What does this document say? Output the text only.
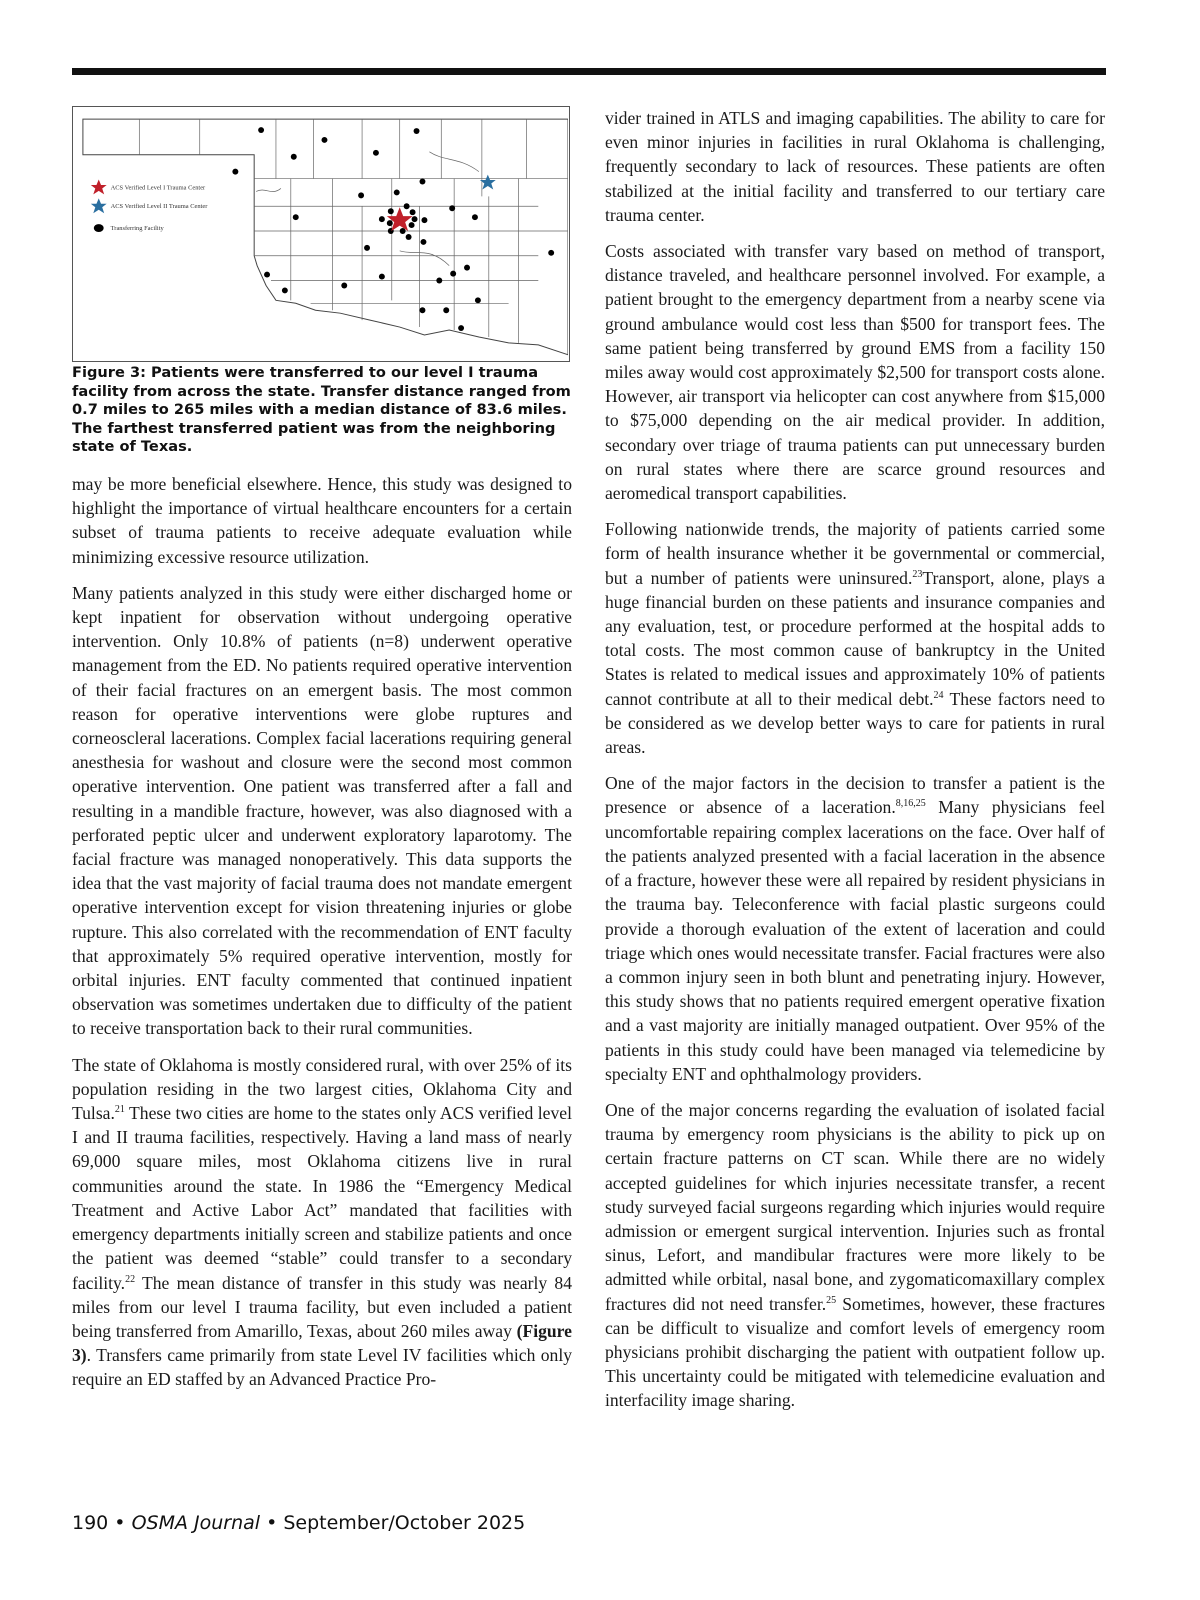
ACS Verified Level I Trauma Center
ACS Verified Level II Trauma Center
Transferring Facility
Figure 3: Patients were transferred to our level I trauma facility from across the state. Transfer distance ranged from 0.7 miles to 265 miles with a median distance of 83.6 miles. The farthest transferred patient was from the neighboring state of Texas.

may be more beneficial elsewhere. Hence, this study was designed to highlight the importance of virtual healthcare encounters for a certain subset of trauma patients to receive adequate evaluation while minimizing excessive resource utilization.

Many patients analyzed in this study were either discharged home or kept inpatient for observation without undergoing operative intervention. Only 10.8% of patients (n=8) underwent operative management from the ED. No patients required operative intervention of their facial fractures on an emergent basis. The most common reason for operative interventions were globe ruptures and corneoscleral lacerations. Complex facial lacerations requiring general anesthesia for washout and closure were the second most common operative intervention. One patient was transferred after a fall and resulting in a mandible fracture, however, was also diagnosed with a perforated peptic ulcer and underwent exploratory laparotomy. The facial fracture was managed nonoperatively. This data supports the idea that the vast majority of facial trauma does not mandate emergent operative intervention except for vision threatening injuries or globe rupture. This also correlated with the recommendation of ENT faculty that approximately 5% required operative intervention, mostly for orbital injuries. ENT faculty commented that continued inpatient observation was sometimes undertaken due to difficulty of the patient to receive transportation back to their rural communities.

The state of Oklahoma is mostly considered rural, with over 25% of its population residing in the two largest cities, Oklahoma City and Tulsa.$^{21}$ These two cities are home to the states only ACS verified level I and II trauma facilities, respectively. Having a land mass of nearly 69,000 square miles, most Oklahoma citizens live in rural communities around the state. In 1986 the “Emergency Medical Treatment and Active Labor Act” mandated that facilities with emergency departments initially screen and stabilize patients and once the patient was deemed “stable” could transfer to a secondary facility.$^{22}$ The mean distance of transfer in this study was nearly 84 miles from our level I trauma facility, but even included a patient being transferred from Amarillo, Texas, about 260 miles away (Figure 3). Transfers came primarily from state Level IV facilities which only require an ED staffed by an Advanced Practice Pro-

vider trained in ATLS and imaging capabilities. The ability to care for even minor injuries in facilities in rural Oklahoma is challenging, frequently secondary to lack of resources. These patients are often stabilized at the initial facility and transferred to our tertiary care trauma center.

Costs associated with transfer vary based on method of transport, distance traveled, and healthcare personnel involved. For example, a patient brought to the emergency department from a nearby scene via ground ambulance would cost less than $500 for transport fees. The same patient being transferred by ground EMS from a facility 150 miles away would cost approximately $2,500 for transport costs alone. However, air transport via helicopter can cost anywhere from $15,000 to $75,000 depending on the air medical provider. In addition, secondary over triage of trauma patients can put unnecessary burden on rural states where there are scarce ground resources and aeromedical transport capabilities.

Following nationwide trends, the majority of patients carried some form of health insurance whether it be governmental or commercial, but a number of patients were uninsured.$^{23}$Transport, alone, plays a huge financial burden on these patients and insurance companies and any evaluation, test, or procedure performed at the hospital adds to total costs. The most common cause of bankruptcy in the United States is related to medical issues and approximately 10% of patients cannot contribute at all to their medical debt.$^{24}$ These factors need to be considered as we develop better ways to care for patients in rural areas.

One of the major factors in the decision to transfer a patient is the presence or absence of a laceration.$^{8,16,25}$ Many physicians feel uncomfortable repairing complex lacerations on the face. Over half of the patients analyzed presented with a facial laceration in the absence of a fracture, however these were all repaired by resident physicians in the trauma bay. Teleconference with facial plastic surgeons could provide a thorough evaluation of the extent of laceration and could triage which ones would necessitate transfer. Facial fractures were also a common injury seen in both blunt and penetrating injury. However, this study shows that no patients required emergent operative fixation and a vast majority are initially managed outpatient. Over 95% of the patients in this study could have been managed via telemedicine by specialty ENT and ophthalmology providers.

One of the major concerns regarding the evaluation of isolated facial trauma by emergency room physicians is the ability to pick up on certain fracture patterns on CT scan. While there are no widely accepted guidelines for which injuries necessitate transfer, a recent study surveyed facial surgeons regarding which injuries would require admission or emergent surgical intervention. Injuries such as frontal sinus, Lefort, and mandibular fractures were more likely to be admitted while orbital, nasal bone, and zygomaticomaxillary complex fractures did not need transfer.$^{25}$ Sometimes, however, these fractures can be difficult to visualize and comfort levels of emergency room physicians prohibit discharging the patient with outpatient follow up. This uncertainty could be mitigated with telemedicine evaluation and interfacility image sharing.

190 • OSMA Journal • September/October 2025
